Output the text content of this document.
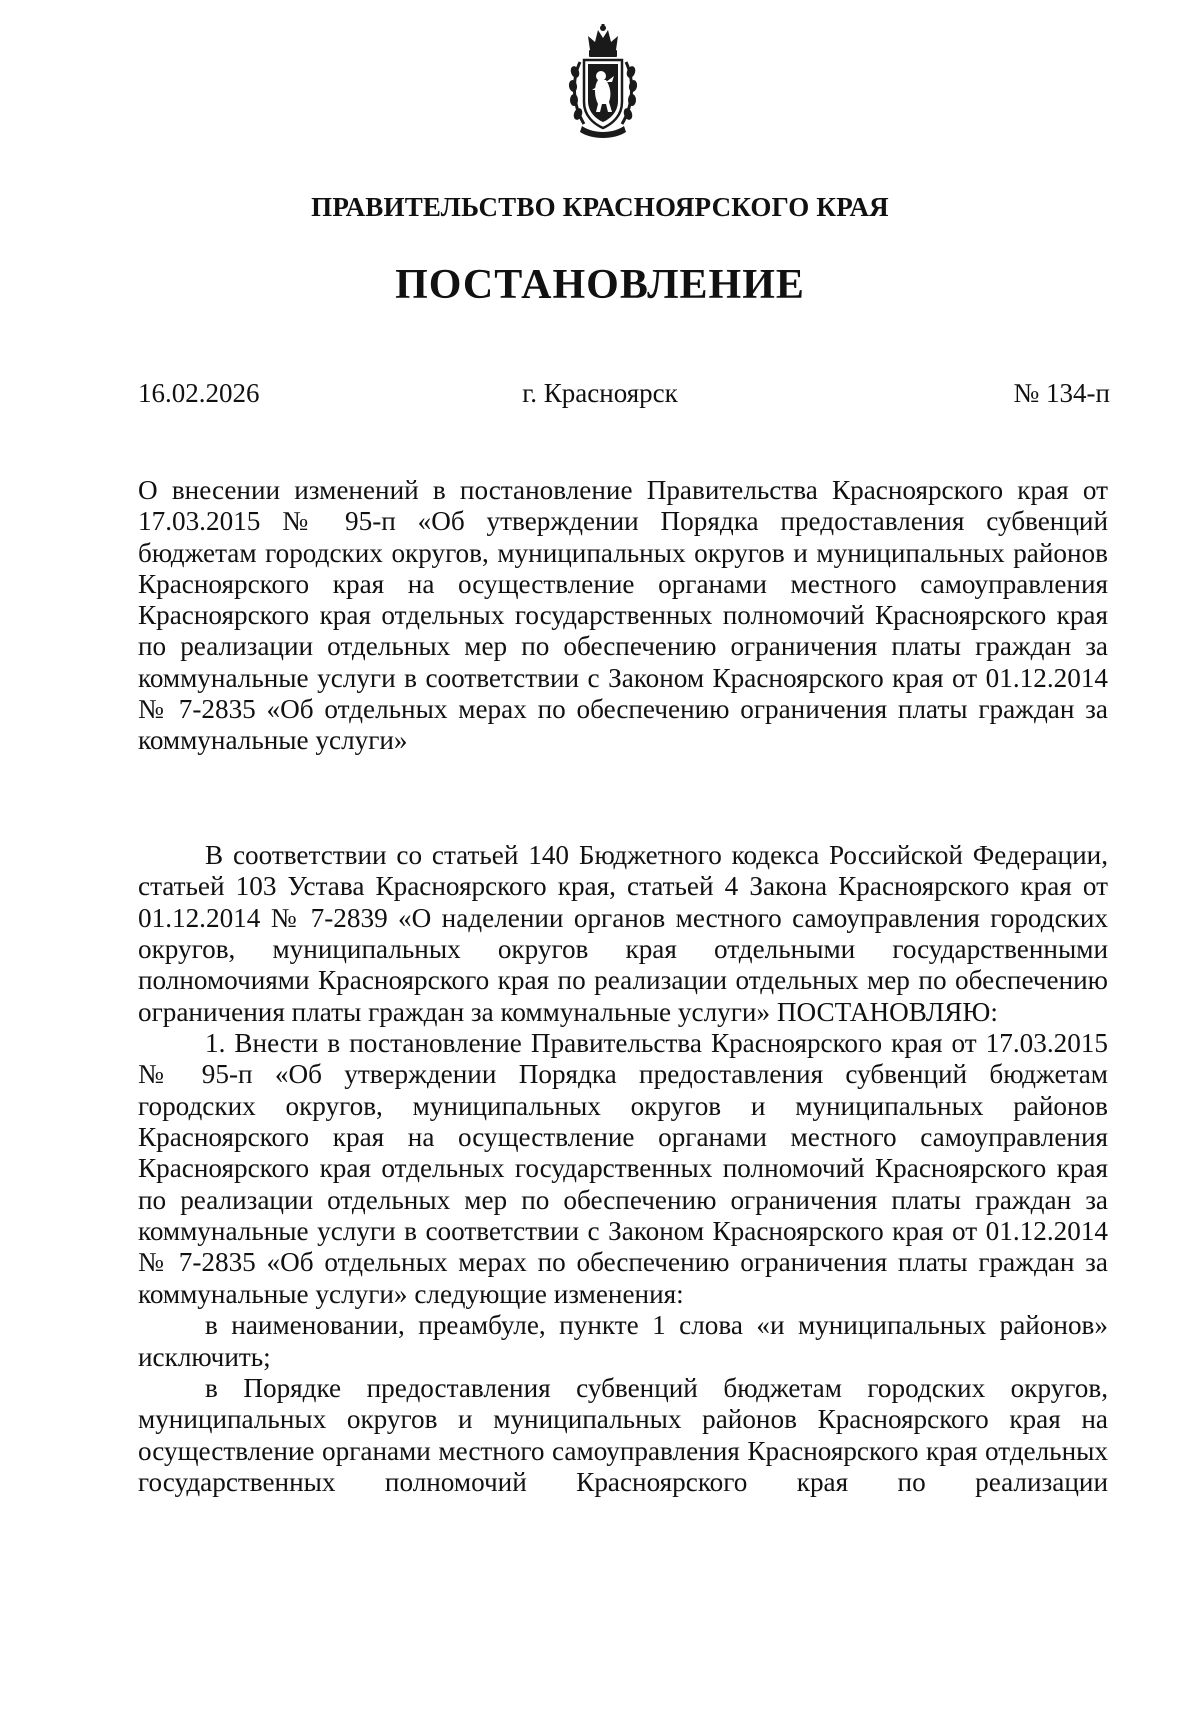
ПРАВИТЕЛЬСТВО КРАСНОЯРСКОГО КРАЯ
ПОСТАНОВЛЕНИЕ
16.02.2026	г. Красноярск	№ 134-п
О внесении изменений в постановление Правительства Красноярского края от 17.03.2015 № 95-п «Об утверждении Порядка предоставления субвенций бюджетам городских округов, муниципальных округов и муниципальных районов Красноярского края на осуществление органами местного самоуправления Красноярского края отдельных государственных полномочий Красноярского края по реализации отдельных мер по обеспечению ограничения платы граждан за коммунальные услуги в соответствии с Законом Красноярского края от 01.12.2014 № 7-2835 «Об отдельных мерах по обеспечению ограничения платы граждан за коммунальные услуги»

В соответствии со статьей 140 Бюджетного кодекса Российской Федерации, статьей 103 Устава Красноярского края, статьей 4 Закона Красноярского края от 01.12.2014 № 7-2839 «О наделении органов местного самоуправления городских округов, муниципальных округов края отдельными государственными полномочиями Красноярского края по реализации отдельных мер по обеспечению ограничения платы граждан за коммунальные услуги» ПОСТАНОВЛЯЮ:

1. Внести в постановление Правительства Красноярского края от 17.03.2015 № 95-п «Об утверждении Порядка предоставления субвенций бюджетам городских округов, муниципальных округов и муниципальных районов Красноярского края на осуществление органами местного самоуправления Красноярского края отдельных государственных полномочий Красноярского края по реализации отдельных мер по обеспечению ограничения платы граждан за коммунальные услуги в соответствии с Законом Красноярского края от 01.12.2014 № 7-2835 «Об отдельных мерах по обеспечению ограничения платы граждан за коммунальные услуги» следующие изменения:

в наименовании, преамбуле, пункте 1 слова «и муниципальных районов» исключить;

в Порядке предоставления субвенций бюджетам городских округов, муниципальных округов и муниципальных районов Красноярского края на осуществление органами местного самоуправления Красноярского края отдельных государственных полномочий Красноярского края по реализации
